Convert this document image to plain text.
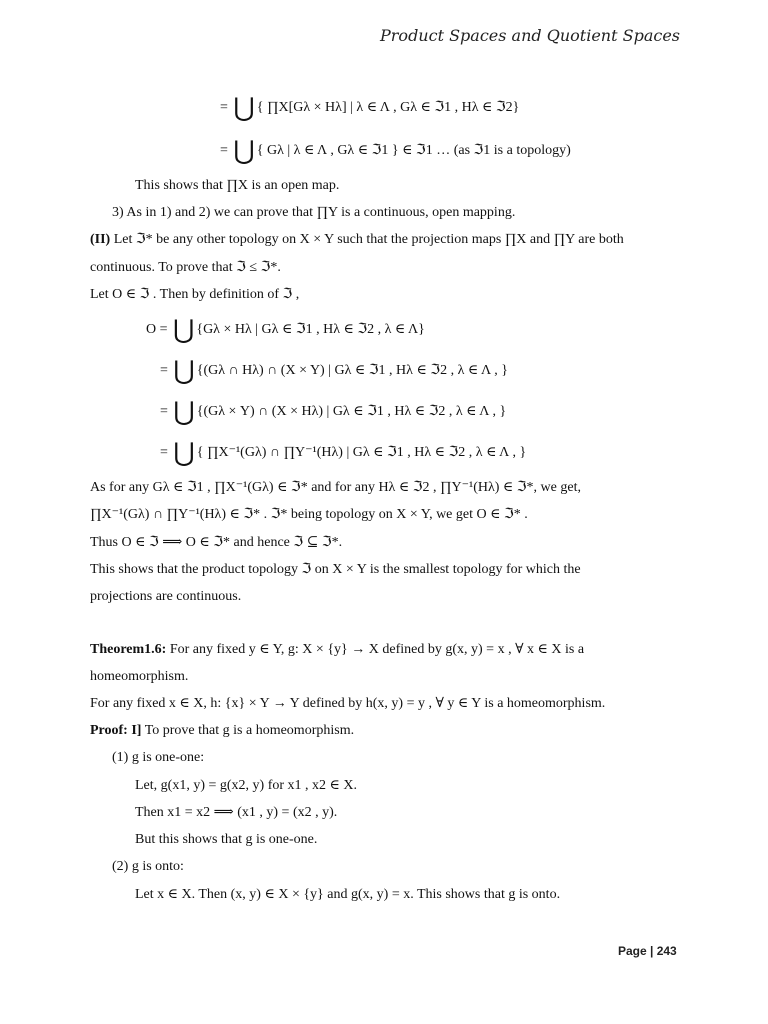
Product Spaces and Quotient Spaces
= ⋃ { ∏X[Gλ × Hλ] | λ ∈ Λ , Gλ ∈ ℑ1 , Hλ ∈ ℑ2}
= ⋃ { Gλ | λ ∈ Λ , Gλ ∈ ℑ1 } ∈ ℑ1 … (as ℑ1 is a topology)
This shows that ∏X is an open map.
3) As in 1) and 2) we can prove that ∏Y is a continuous, open mapping.
(II) Let ℑ* be any other topology on X × Y such that the projection maps ∏X and ∏Y are both
continuous. To prove that ℑ ≤ ℑ*.
Let O ∈ ℑ . Then by definition of ℑ ,
O = ⋃ {Gλ × Hλ | Gλ ∈ ℑ1 , Hλ ∈ ℑ2 , λ ∈ Λ}
= ⋃ {(Gλ ∩ Hλ) ∩ (X × Y) | Gλ ∈ ℑ1 , Hλ ∈ ℑ2 , λ ∈ Λ , }
= ⋃ {(Gλ × Y) ∩ (X × Hλ) | Gλ ∈ ℑ1 , Hλ ∈ ℑ2 , λ ∈ Λ , }
= ⋃ { ∏X⁻¹(Gλ) ∩ ∏Y⁻¹(Hλ) | Gλ ∈ ℑ1 , Hλ ∈ ℑ2 , λ ∈ Λ , }
As for any Gλ ∈ ℑ1 , ∏X⁻¹(Gλ) ∈ ℑ* and for any Hλ ∈ ℑ2 , ∏Y⁻¹(Hλ) ∈ ℑ*, we get,
∏X⁻¹(Gλ) ∩ ∏Y⁻¹(Hλ) ∈ ℑ* . ℑ* being topology on X × Y, we get O ∈ ℑ* .
Thus O ∈ ℑ ⟹ O ∈ ℑ* and hence ℑ ⊆ ℑ*.
This shows that the product topology ℑ on X × Y is the smallest topology for which the
projections are continuous.
Theorem1.6: For any fixed y ∈ Y, g: X × {y} → X defined by g(x, y) = x , ∀ x ∈ X is a
homeomorphism.
For any fixed x ∈ X, h: {x} × Y → Y defined by h(x, y) = y , ∀ y ∈ Y is a homeomorphism.
Proof: I] To prove that g is a homeomorphism.
(1) g is one-one:
Let, g(x1, y) = g(x2, y) for x1 , x2 ∈ X.
Then x1 = x2 ⟹ (x1 , y) = (x2 , y).
But this shows that g is one-one.
(2) g is onto:
Let x ∈ X. Then (x, y) ∈ X × {y} and g(x, y) = x. This shows that g is onto.
Page | 243
